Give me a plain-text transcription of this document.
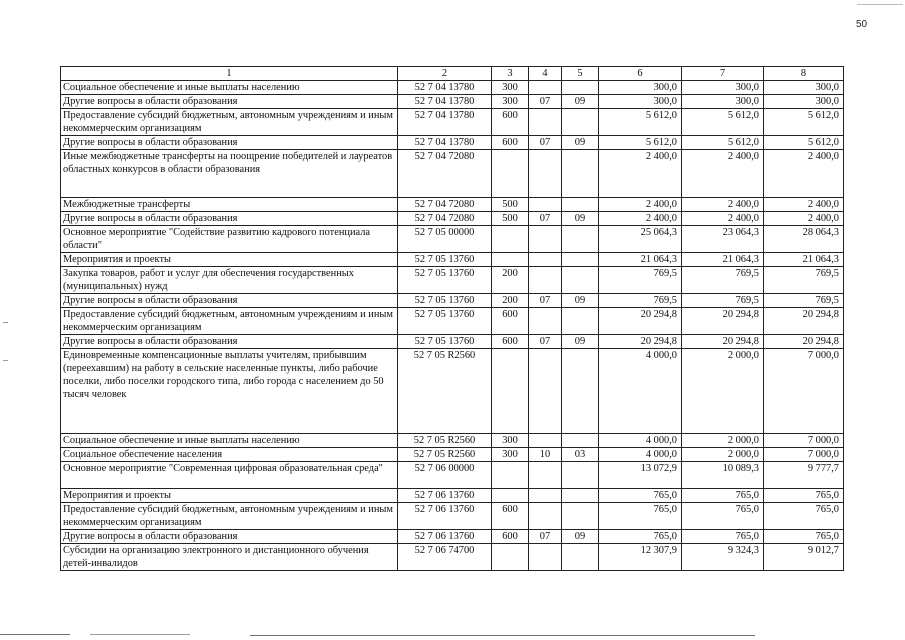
50
1	2	3	4	5	6	7	8
Социальное обеспечение и иные выплаты населению	52 7 04 13780	300			300,0	300,0	300,0
Другие вопросы в области образования	52 7 04 13780	300	07	09	300,0	300,0	300,0
Предоставление субсидий бюджетным, автономным учреждениям и иным некоммерческим организациям	52 7 04 13780	600			5 612,0	5 612,0	5 612,0
Другие вопросы в области образования	52 7 04 13780	600	07	09	5 612,0	5 612,0	5 612,0
Иные межбюджетные трансферты на поощрение победителей и лауреатов областных конкурсов в области образования	52 7 04 72080				2 400,0	2 400,0	2 400,0
Межбюджетные трансферты	52 7 04 72080	500			2 400,0	2 400,0	2 400,0
Другие вопросы в области образования	52 7 04 72080	500	07	09	2 400,0	2 400,0	2 400,0
Основное мероприятие "Содействие развитию кадрового потенциала области"	52 7 05 00000				25 064,3	23 064,3	28 064,3
Мероприятия и проекты	52 7 05 13760				21 064,3	21 064,3	21 064,3
Закупка товаров, работ и услуг для обеспечения государственных (муниципальных) нужд	52 7 05 13760	200			769,5	769,5	769,5
Другие вопросы в области образования	52 7 05 13760	200	07	09	769,5	769,5	769,5
Предоставление субсидий бюджетным, автономным учреждениям и иным некоммерческим организациям	52 7 05 13760	600			20 294,8	20 294,8	20 294,8
Другие вопросы в области образования	52 7 05 13760	600	07	09	20 294,8	20 294,8	20 294,8
Единовременные компенсационные выплаты учителям, прибывшим (переехавшим) на работу в сельские населенные пункты, либо рабочие поселки, либо поселки городского типа, либо города с населением до 50 тысяч человек	52 7 05 R2560				4 000,0	2 000,0	7 000,0
Социальное обеспечение и иные выплаты населению	52 7 05 R2560	300			4 000,0	2 000,0	7 000,0
Социальное обеспечение населения	52 7 05 R2560	300	10	03	4 000,0	2 000,0	7 000,0
Основное мероприятие "Современная цифровая образовательная среда"	52 7 06 00000				13 072,9	10 089,3	9 777,7
Мероприятия и проекты	52 7 06 13760				765,0	765,0	765,0
Предоставление субсидий бюджетным, автономным учреждениям и иным некоммерческим организациям	52 7 06 13760	600			765,0	765,0	765,0
Другие вопросы в области образования	52 7 06 13760	600	07	09	765,0	765,0	765,0
Субсидии на организацию электронного и дистанционного обучения детей-инвалидов	52 7 06 74700				12 307,9	9 324,3	9 012,7
